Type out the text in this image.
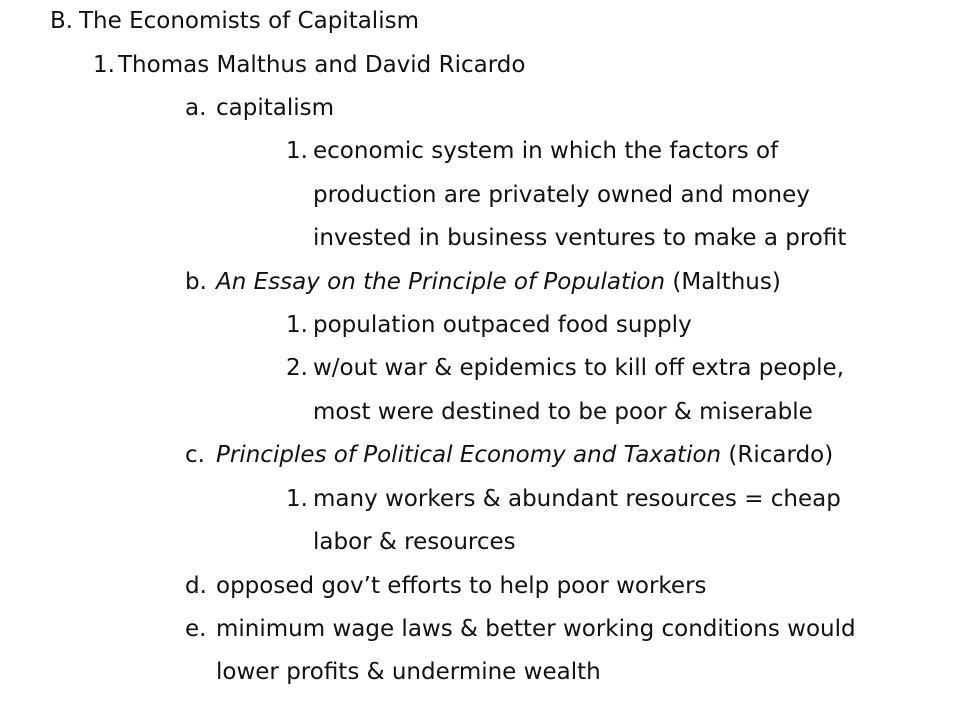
B. The Economists of Capitalism
1. Thomas Malthus and David Ricardo
a. capitalism
1. economic system in which the factors of
production are privately owned and money
invested in business ventures to make a profit
b. An Essay on the Principle of Population (Malthus)
1. population outpaced food supply
2. w/out war & epidemics to kill off extra people,
most were destined to be poor & miserable
c. Principles of Political Economy and Taxation (Ricardo)
1. many workers & abundant resources = cheap
labor & resources
d. opposed gov’t efforts to help poor workers
e. minimum wage laws & better working conditions would
lower profits & undermine wealth
